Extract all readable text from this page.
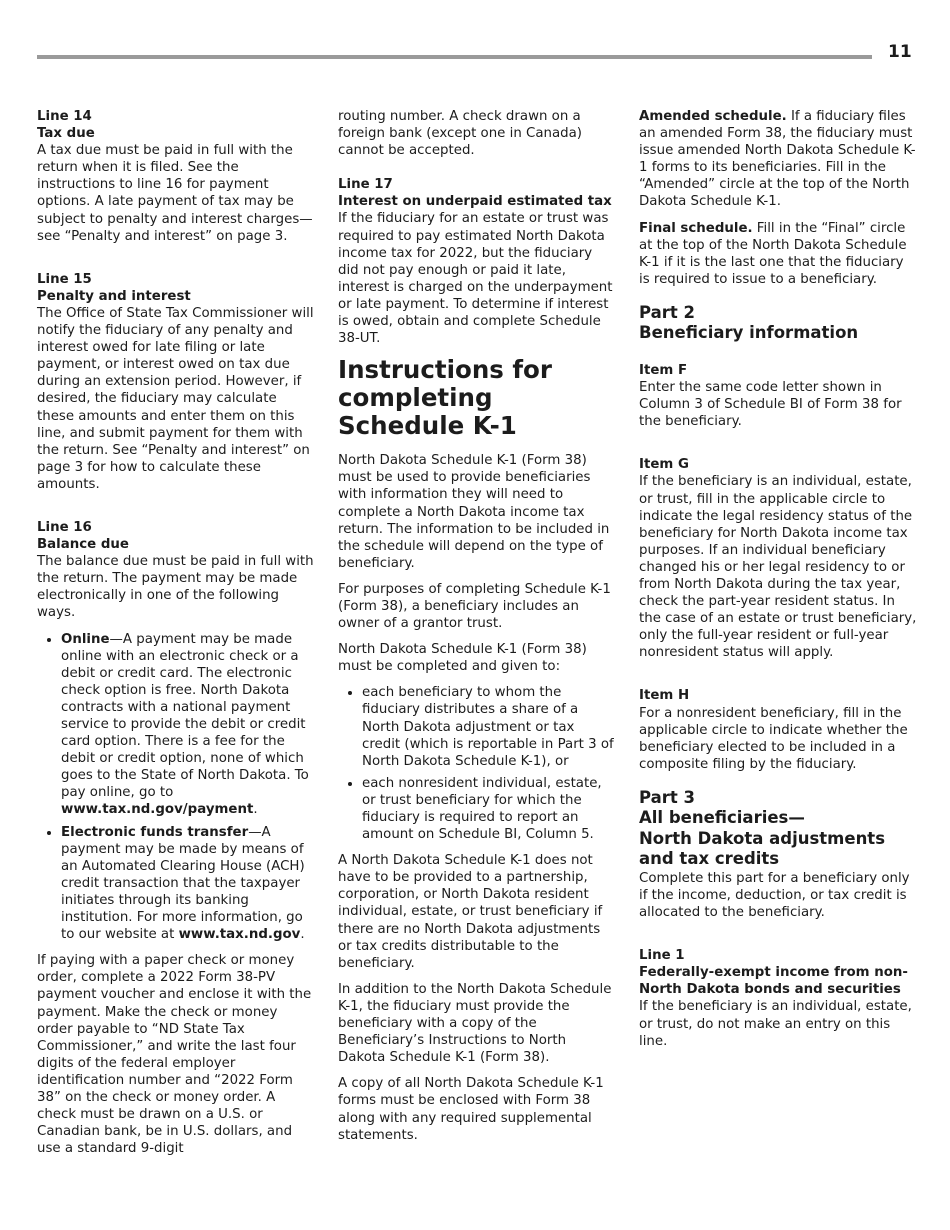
11
Line 14
Tax due

A tax due must be paid in full with the return when it is filed. See the instructions to line 16 for payment options. A late payment of tax may be subject to penalty and interest charges—see “Penalty and interest” on page 3.

Line 15
Penalty and interest

The Office of State Tax Commissioner will notify the fiduciary of any penalty and interest owed for late filing or late payment, or interest owed on tax due during an extension period. However, if desired, the fiduciary may calculate these amounts and enter them on this line, and submit payment for them with the return. See “Penalty and interest” on page 3 for how to calculate these amounts.

Line 16
Balance due

The balance due must be paid in full with the return. The payment may be made electronically in one of the following ways.

• Online—A payment may be made online with an electronic check or a debit or credit card. The electronic check option is free. North Dakota contracts with a national payment service to provide the debit or credit card option. There is a fee for the debit or credit option, none of which goes to the State of North Dakota. To pay online, go to www.tax.nd.gov/payment.
• Electronic funds transfer—A payment may be made by means of an Automated Clearing House (ACH) credit transaction that the taxpayer initiates through its banking institution. For more information, go to our website at www.tax.nd.gov.

If paying with a paper check or money order, complete a 2022 Form 38-PV payment voucher and enclose it with the payment. Make the check or money order payable to “ND State Tax Commissioner,” and write the last four digits of the federal employer identification number and “2022 Form 38” on the check or money order. A check must be drawn on a U.S. or Canadian bank, be in U.S. dollars, and use a standard 9-digit

routing number. A check drawn on a foreign bank (except one in Canada) cannot be accepted.

Line 17
Interest on underpaid estimated tax

If the fiduciary for an estate or trust was required to pay estimated North Dakota income tax for 2022, but the fiduciary did not pay enough or paid it late, interest is charged on the underpayment or late payment. To determine if interest is owed, obtain and complete Schedule 38-UT.

Instructions for completing Schedule K-1

North Dakota Schedule K-1 (Form 38) must be used to provide beneficiaries with information they will need to complete a North Dakota income tax return. The information to be included in the schedule will depend on the type of beneficiary.

For purposes of completing Schedule K-1 (Form 38), a beneficiary includes an owner of a grantor trust.

North Dakota Schedule K-1 (Form 38) must be completed and given to:

• each beneficiary to whom the fiduciary distributes a share of a North Dakota adjustment or tax credit (which is reportable in Part 3 of North Dakota Schedule K-1), or
• each nonresident individual, estate, or trust beneficiary for which the fiduciary is required to report an amount on Schedule BI, Column 5.

A North Dakota Schedule K-1 does not have to be provided to a partnership, corporation, or North Dakota resident individual, estate, or trust beneficiary if there are no North Dakota adjustments or tax credits distributable to the beneficiary.

In addition to the North Dakota Schedule K-1, the fiduciary must provide the beneficiary with a copy of the Beneficiary’s Instructions to North Dakota Schedule K-1 (Form 38).

A copy of all North Dakota Schedule K-1 forms must be enclosed with Form 38 along with any required supplemental statements.

Amended schedule. If a fiduciary files an amended Form 38, the fiduciary must issue amended North Dakota Schedule K-1 forms to its beneficiaries. Fill in the “Amended” circle at the top of the North Dakota Schedule K-1.

Final schedule. Fill in the “Final” circle at the top of the North Dakota Schedule K-1 if it is the last one that the fiduciary is required to issue to a beneficiary.

Part 2
Beneficiary information
Item F

Enter the same code letter shown in Column 3 of Schedule BI of Form 38 for the beneficiary.

Item G

If the beneficiary is an individual, estate, or trust, fill in the applicable circle to indicate the legal residency status of the beneficiary for North Dakota income tax purposes. If an individual beneficiary changed his or her legal residency to or from North Dakota during the tax year, check the part-year resident status. In the case of an estate or trust beneficiary, only the full-year resident or full-year nonresident status will apply.

Item H

For a nonresident beneficiary, fill in the applicable circle to indicate whether the beneficiary elected to be included in a composite filing by the fiduciary.

Part 3
All beneficiaries—
North Dakota adjustments and tax credits

Complete this part for a beneficiary only if the income, deduction, or tax credit is allocated to the beneficiary.

Line 1
Federally-exempt income from non-North Dakota bonds and securities

If the beneficiary is an individual, estate, or trust, do not make an entry on this line.
